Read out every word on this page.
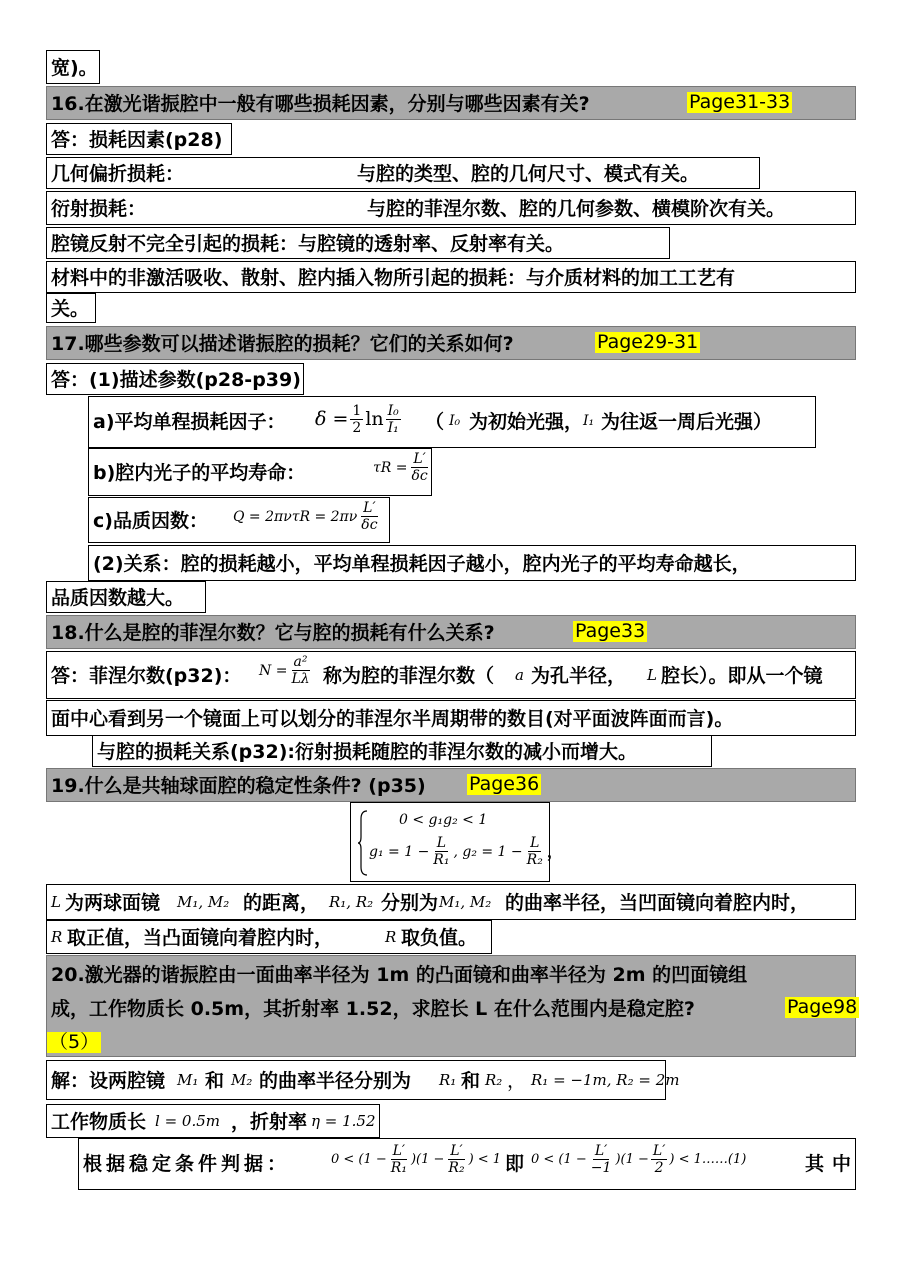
宽)。
16.在激光谐振腔中一般有哪些损耗因素，分别与哪些因素有关?	Page31-33
答：损耗因素(p28)
几何偏折损耗：	与腔的类型、腔的几何尺寸、模式有关。
衍射损耗：	与腔的菲涅尔数、腔的几何参数、横模阶次有关。
腔镜反射不完全引起的损耗：与腔镜的透射率、反射率有关。
材料中的非激活吸收、散射、腔内插入物所引起的损耗：与介质材料的加工工艺有
关。
17.哪些参数可以描述谐振腔的损耗？它们的关系如何?	Page29-31
答：(1)描述参数(p28-p39)
a)平均单程损耗因子： $\delta = \frac{1}{2}$ $\ln \frac{\text{I₀}}{\text{I₁}}$ （ I₀ 为初始光强， I₁ 为往返一周后光强）
b)腔内光子的平均寿命：	$\tau R = \frac{L'}{\delta c}$
c)品质因数： $Q = 2\pi\nu\tau R = 2\pi\nu \frac{L'}{\delta c}$
(2)关系：腔的损耗越小，平均单程损耗因子越小，腔内光子的平均寿命越长，
品质因数越大。
18.什么是腔的菲涅尔数？它与腔的损耗有什么关系?	Page33
答：菲涅尔数(p32)： $N = \frac{\text{a²}}{L\lambda}$ 称为腔的菲涅尔数（ a 为孔半径， L 腔长）。即从一个镜
面中心看到另一个镜面上可以划分的菲涅尔半周期带的数目(对平面波阵面而言)。
与腔的损耗关系(p32):衍射损耗随腔的菲涅尔数的减小而增大。
19.什么是共轴球面腔的稳定性条件? (p35) Page36
0 < g₁g₂ < 1
$g_1 = 1 - \frac{L}{\text{R₁}}$ , $g_2 = 1 - \frac{L}{\text{R₂}}$ ，
L 为两球面镜 M₁, M₂ 的距离， R₁, R₂ 分别为 M₁, M₂ 的曲率半径，当凹面镜向着腔内时，
R 取正值，当凸面镜向着腔内时，	R 取负值。
20.激光器的谐振腔由一面曲率半径为 1m 的凸面镜和曲率半径为 2m 的凹面镜组
成，工作物质长 0.5m，其折射率 1.52，求腔长 L 在什么范围内是稳定腔?	Page98
（5）
解：设两腔镜 M₁ 和 M₂ 的曲率半径分别为 R₁ 和 R₂ ， R₁ = −1m, R₂ = 2m
工作物质长 l = 0.5m ，折射率 η = 1.52
根据稳定条件判据：	$0 < (1 - \frac{L'}{\text{R₁}} )(1 - \frac{L'}{\text{R₂}}$ ) < 1 即 $0 < (1 - \frac{L'}{-1} )(1 - \frac{L'}{2}$ ) < 1……(1)	其中
